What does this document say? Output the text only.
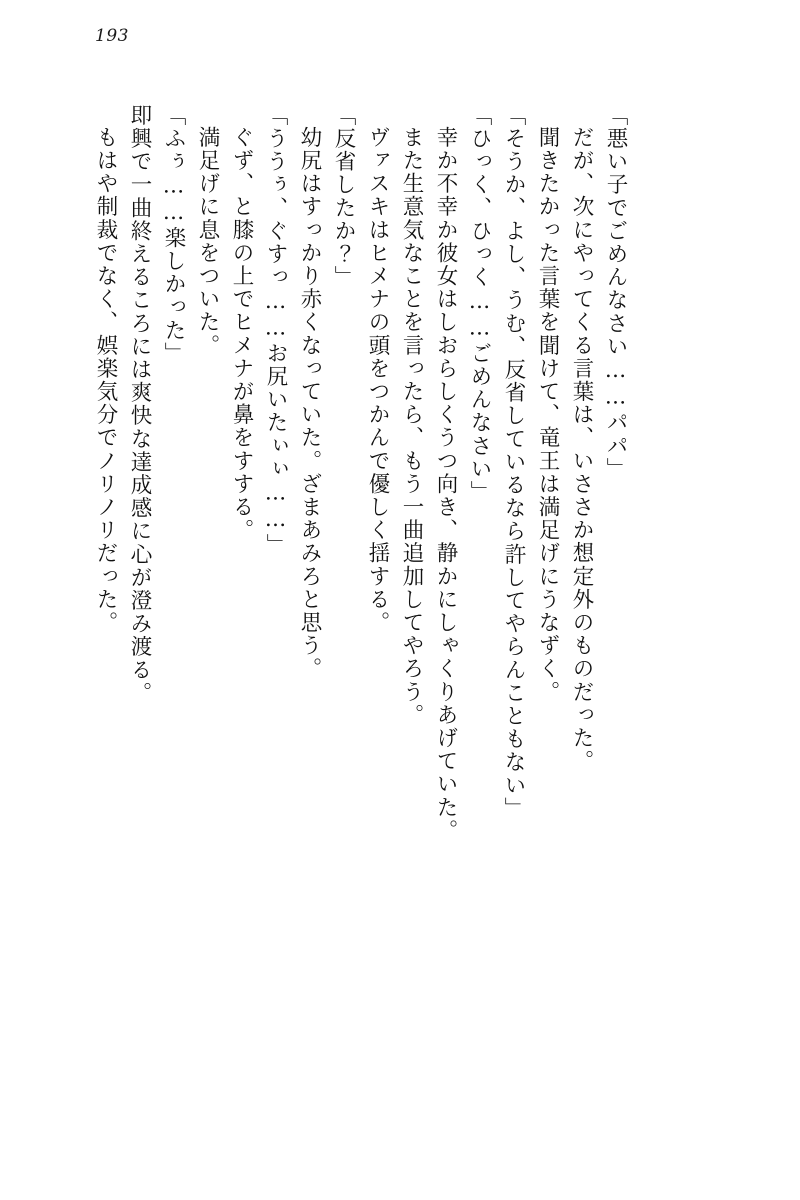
193
もはや制裁でなく、娯楽気分でノリノリだった。 即興で一曲終えるころには爽快な達成感に心が澄み渡る。 「ふぅ……楽しかった」 満足げに息をついた。 ぐず、と膝の上でヒメナが鼻をすする。 「ううぅ、ぐすっ……お尻いたぃぃ……」 幼尻はすっかり赤くなっていた。ざまあみろと思う。 「反省したか？」 ヴァスキはヒメナの頭をつかんで優しく揺する。 また生意気なことを言ったら、もう一曲追加してやろう。 幸か不幸か彼女はしおらしくうつ向き、静かにしゃくりあげていた。 「ひっく、ひっく……ごめんなさい」 「そうか、よし、うむ、反省しているなら許してやらんこともない」 聞きたかった言葉を聞けて、竜王は満足げにうなずく。 だが、次にやってくる言葉は、いささか想定外のものだった。 「悪い子でごめんなさい……パパ」
